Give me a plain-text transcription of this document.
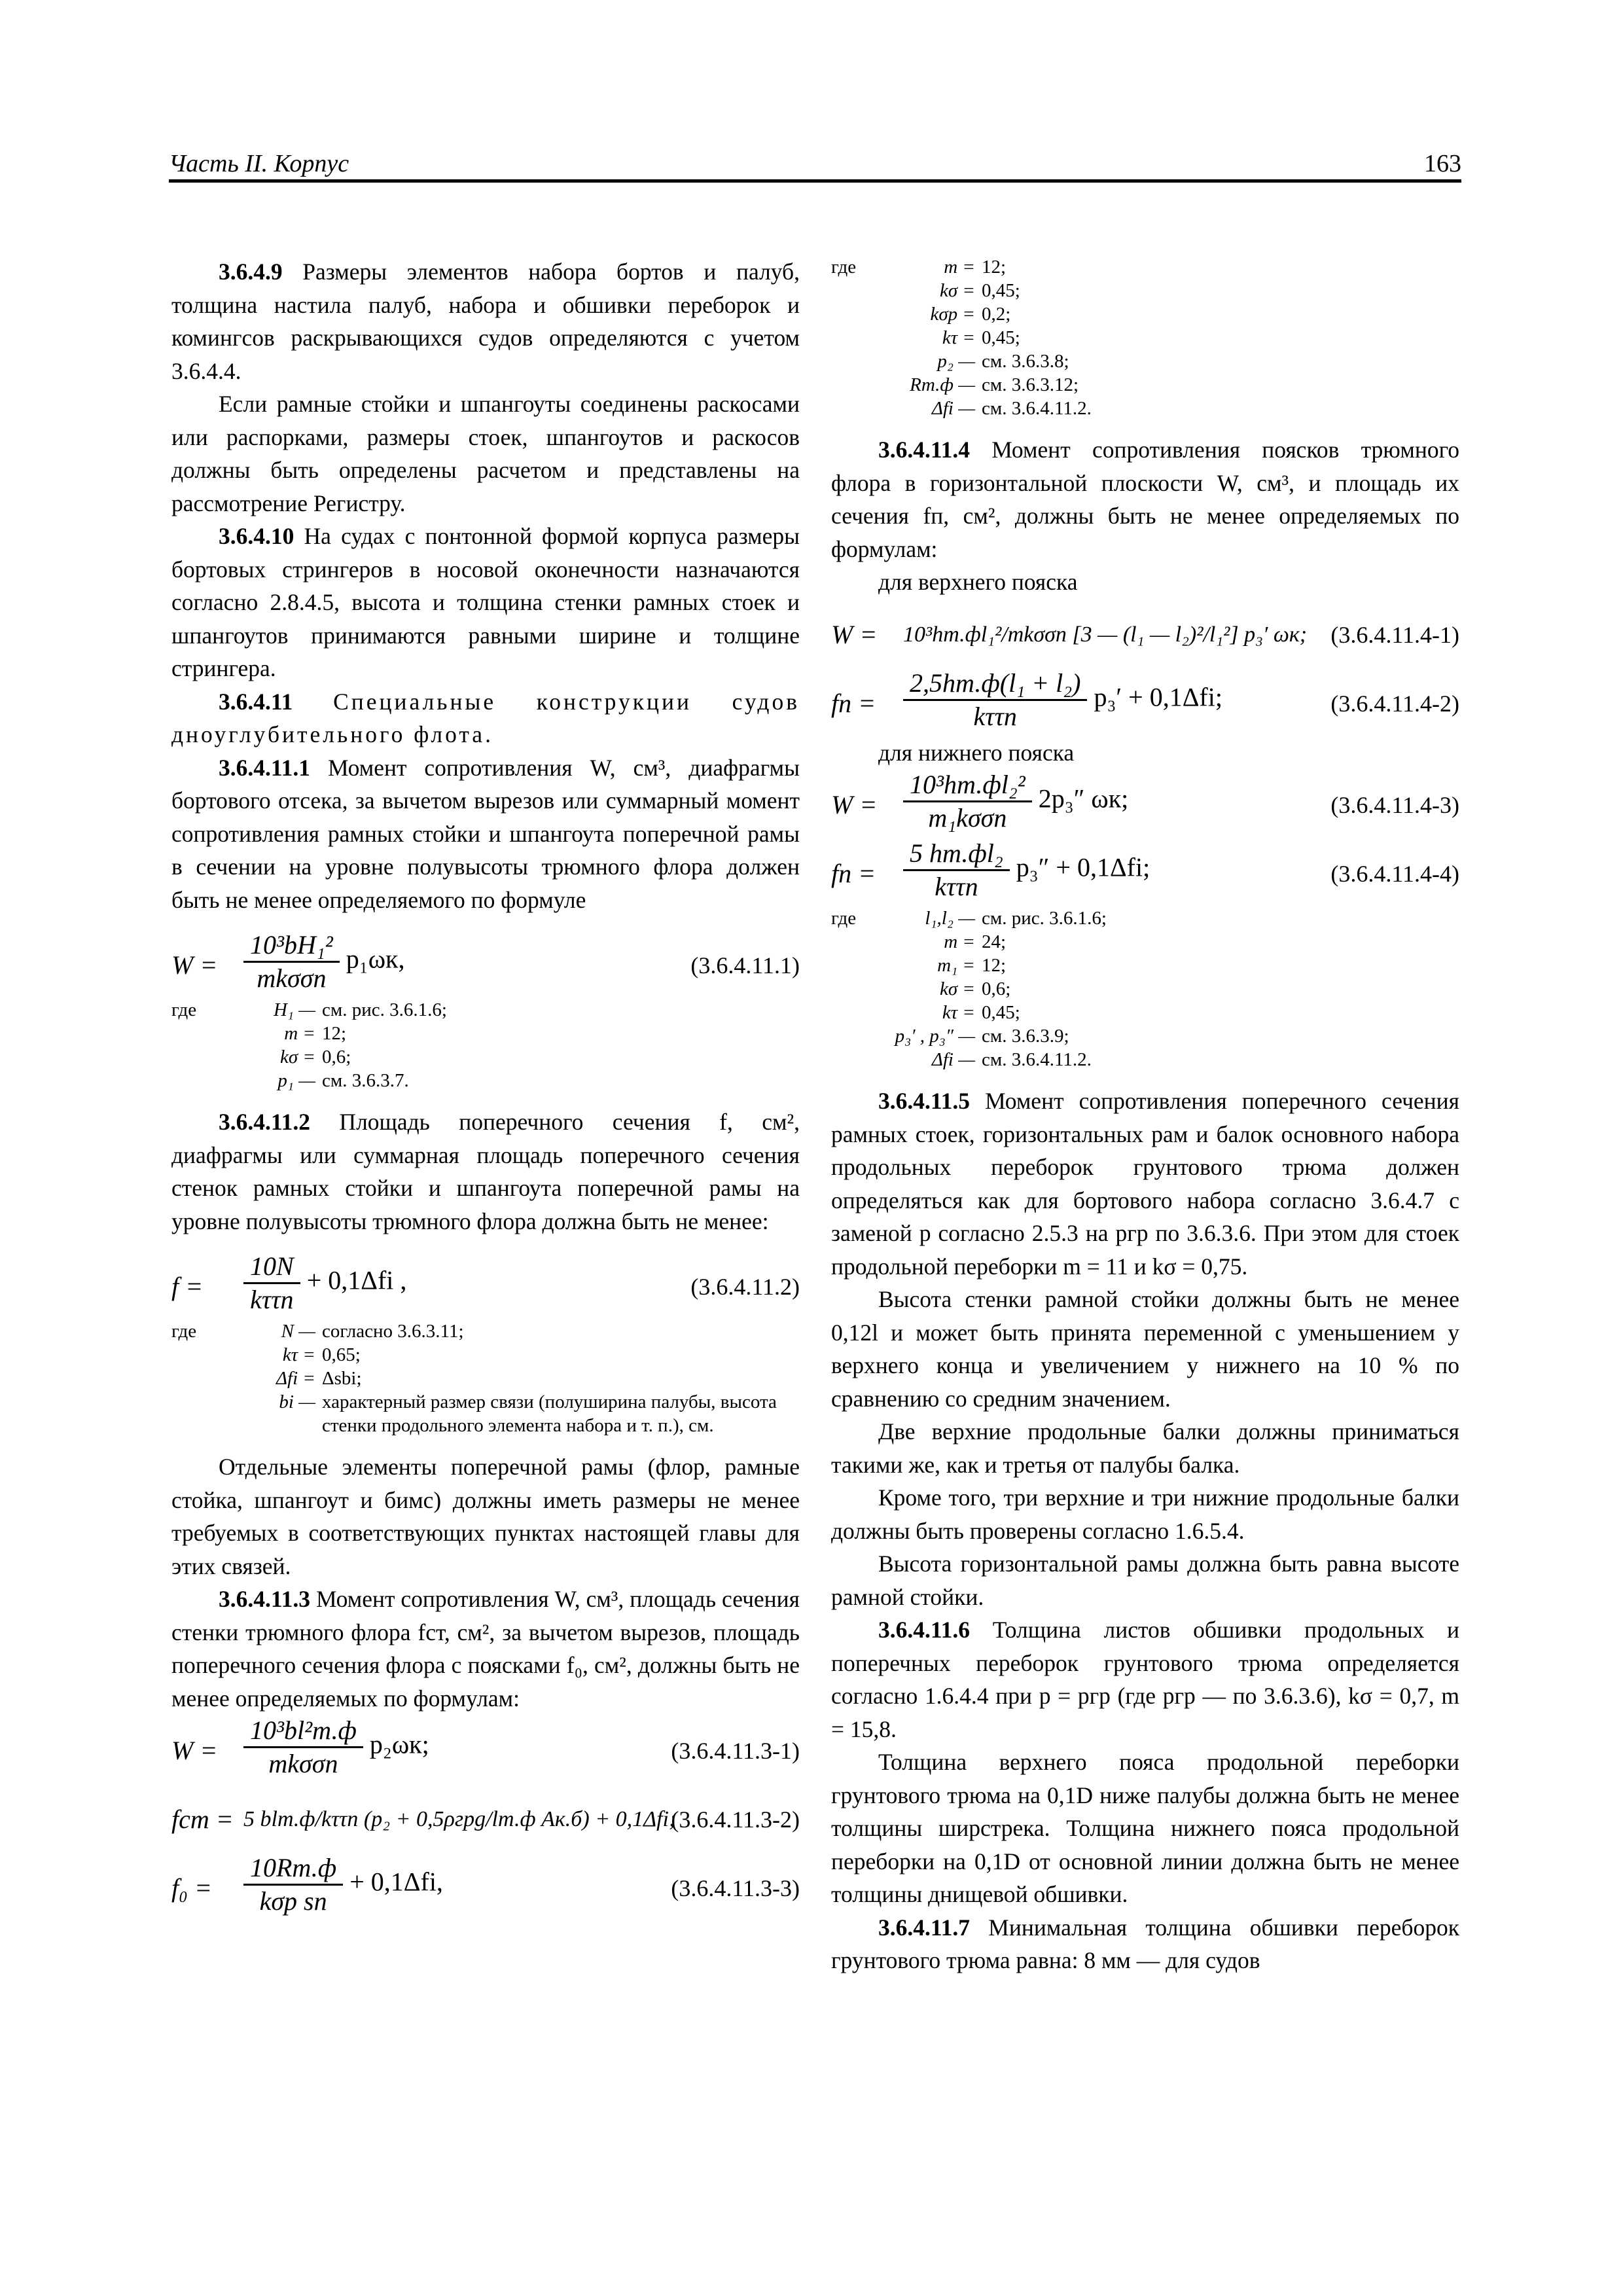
Часть II. Корпус	163

3.6.4.9 Размеры элементов набора бортов и палуб, толщина настила палуб, набора и обшивки переборок и комингсов раскрывающихся судов определяются с учетом 3.6.4.4.

Если рамные стойки и шпангоуты соединены раскосами или распорками, размеры стоек, шпангоутов и раскосов должны быть определены расчетом и представлены на рассмотрение Регистру.

3.6.4.10 На судах с понтонной формой корпуса размеры бортовых стрингеров в носовой оконечности назначаются согласно 2.8.4.5, высота и толщина стенки рамных стоек и шпангоутов принимаются равными ширине и толщине стрингера.

3.6.4.11 Специальные конструкции судов дноуглубительного флота.

3.6.4.11.1 Момент сопротивления W, см³, диафрагмы бортового отсека, за вычетом вырезов или суммарный момент сопротивления рамных стойки и шпангоута поперечной рамы в сечении на уровне полувысоты трюмного флора должен быть не менее определяемого по формуле

$W = \frac{\text{10³bH₁²}}{\text{mkσσn}} p_1\omega к$,	(3.6.4.11.1)
где	H₁ — см. рис. 3.6.1.6;
m = 12;
kσ = 0,6;
p₁ — см. 3.6.3.7.

3.6.4.11.2 Площадь поперечного сечения f, см², диафрагмы или суммарная площадь поперечного сечения стенок рамных стойки и шпангоута поперечной рамы на уровне полувысоты трюмного флора должна быть не менее:

$f = \frac{10N}{\text{kττn}} + 0,1\Delta fi$ ,	(3.6.4.11.2)
где	N — согласно 3.6.3.11;
kτ = 0,65;
Δfi = Δsbi;
bi — характерный размер связи (полуширина палубы, высота стенки продольного элемента набора и т. п.), см.

Отдельные элементы поперечной рамы (флор, рамные стойка, шпангоут и бимс) должны иметь размеры не менее требуемых в соответствующих пунктах настоящей главы для этих связей.

3.6.4.11.3 Момент сопротивления W, см³, площадь сечения стенки трюмного флора fст, см², за вычетом вырезов, площадь поперечного сечения флора с поясками f₀, см², должны быть не менее определяемых по формулам:

$W = \frac{\text{10³bl²т.ф}}{\text{mkσσn}} p_2\omega к$;	(3.6.4.11.3-1)
fст = 5 blт.ф/kττn (p₂ + 0,5ρгрg/lт.ф Aк.б) + 0,1Δfi;
(3.6.4.11.3-2)
$f_0 = \frac{10Rт.ф}{\text{kσp sn}} + 0,1\Delta fi$,	(3.6.4.11.3-3)
где	m = 12;
kσ = 0,45;
kσp = 0,2;
kτ = 0,45;
p₂ — см. 3.6.3.8;
Rт.ф — см. 3.6.3.12;
Δfi — см. 3.6.4.11.2.

3.6.4.11.4 Момент сопротивления поясков трюмного флора в горизонтальной плоскости W, см³, и площадь их сечения fп, см², должны быть не менее определяемых по формулам:

для верхнего пояска

W = 10³hт.фl₁²/mkσσn [3 — (l₁ — l₂)²/l₁²] p₃′ ωк; (3.6.4.11.4-1)
fп = $\frac{\text{2,5hт.ф(l₁ + l₂)}}{\text{kττn}} p_3' + 0,1\Delta fi$;	(3.6.4.11.4-2)

для нижнего пояска

$W = \frac{\text{10³hт.фl₂²}}{\text{m₁kσσn}} 2p_3''$ ωк;	(3.6.4.11.4-3)
fп = $\frac{\text{5 hт.фl₂}}{\text{kττn}} p_3'' + 0,1\Delta fi$;	(3.6.4.11.4-4)
где	l₁,l₂ — см. рис. 3.6.1.6;
m = 24;
m₁ = 12;
kσ = 0,6;
kτ = 0,45;
p₃′ , p₃″ — см. 3.6.3.9;
Δfi — см. 3.6.4.11.2.

3.6.4.11.5 Момент сопротивления поперечного сечения рамных стоек, горизонтальных рам и балок основного набора продольных переборок грунтового трюма должен определяться как для бортового набора согласно 3.6.4.7 с заменой p согласно 2.5.3 на pгр по 3.6.3.6. При этом для стоек продольной переборки m = 11 и kσ = 0,75.

Высота стенки рамной стойки должны быть не менее 0,12l и может быть принята переменной с уменьшением у верхнего конца и увеличением у нижнего на 10 % по сравнению со средним значением.

Две верхние продольные балки должны приниматься такими же, как и третья от палубы балка.

Кроме того, три верхние и три нижние продольные балки должны быть проверены согласно 1.6.5.4.

Высота горизонтальной рамы должна быть равна высоте рамной стойки.

3.6.4.11.6 Толщина листов обшивки продольных и поперечных переборок грунтового трюма определяется согласно 1.6.4.4 при p = pгр (где pгр — по 3.6.3.6), kσ = 0,7, m = 15,8.

Толщина верхнего пояса продольной переборки грунтового трюма на 0,1D ниже палубы должна быть не менее толщины ширстрека. Толщина нижнего пояса продольной переборки на 0,1D от основной линии должна быть не менее толщины днищевой обшивки.

3.6.4.11.7 Минимальная толщина обшивки переборок грунтового трюма равна: 8 мм — для судов
